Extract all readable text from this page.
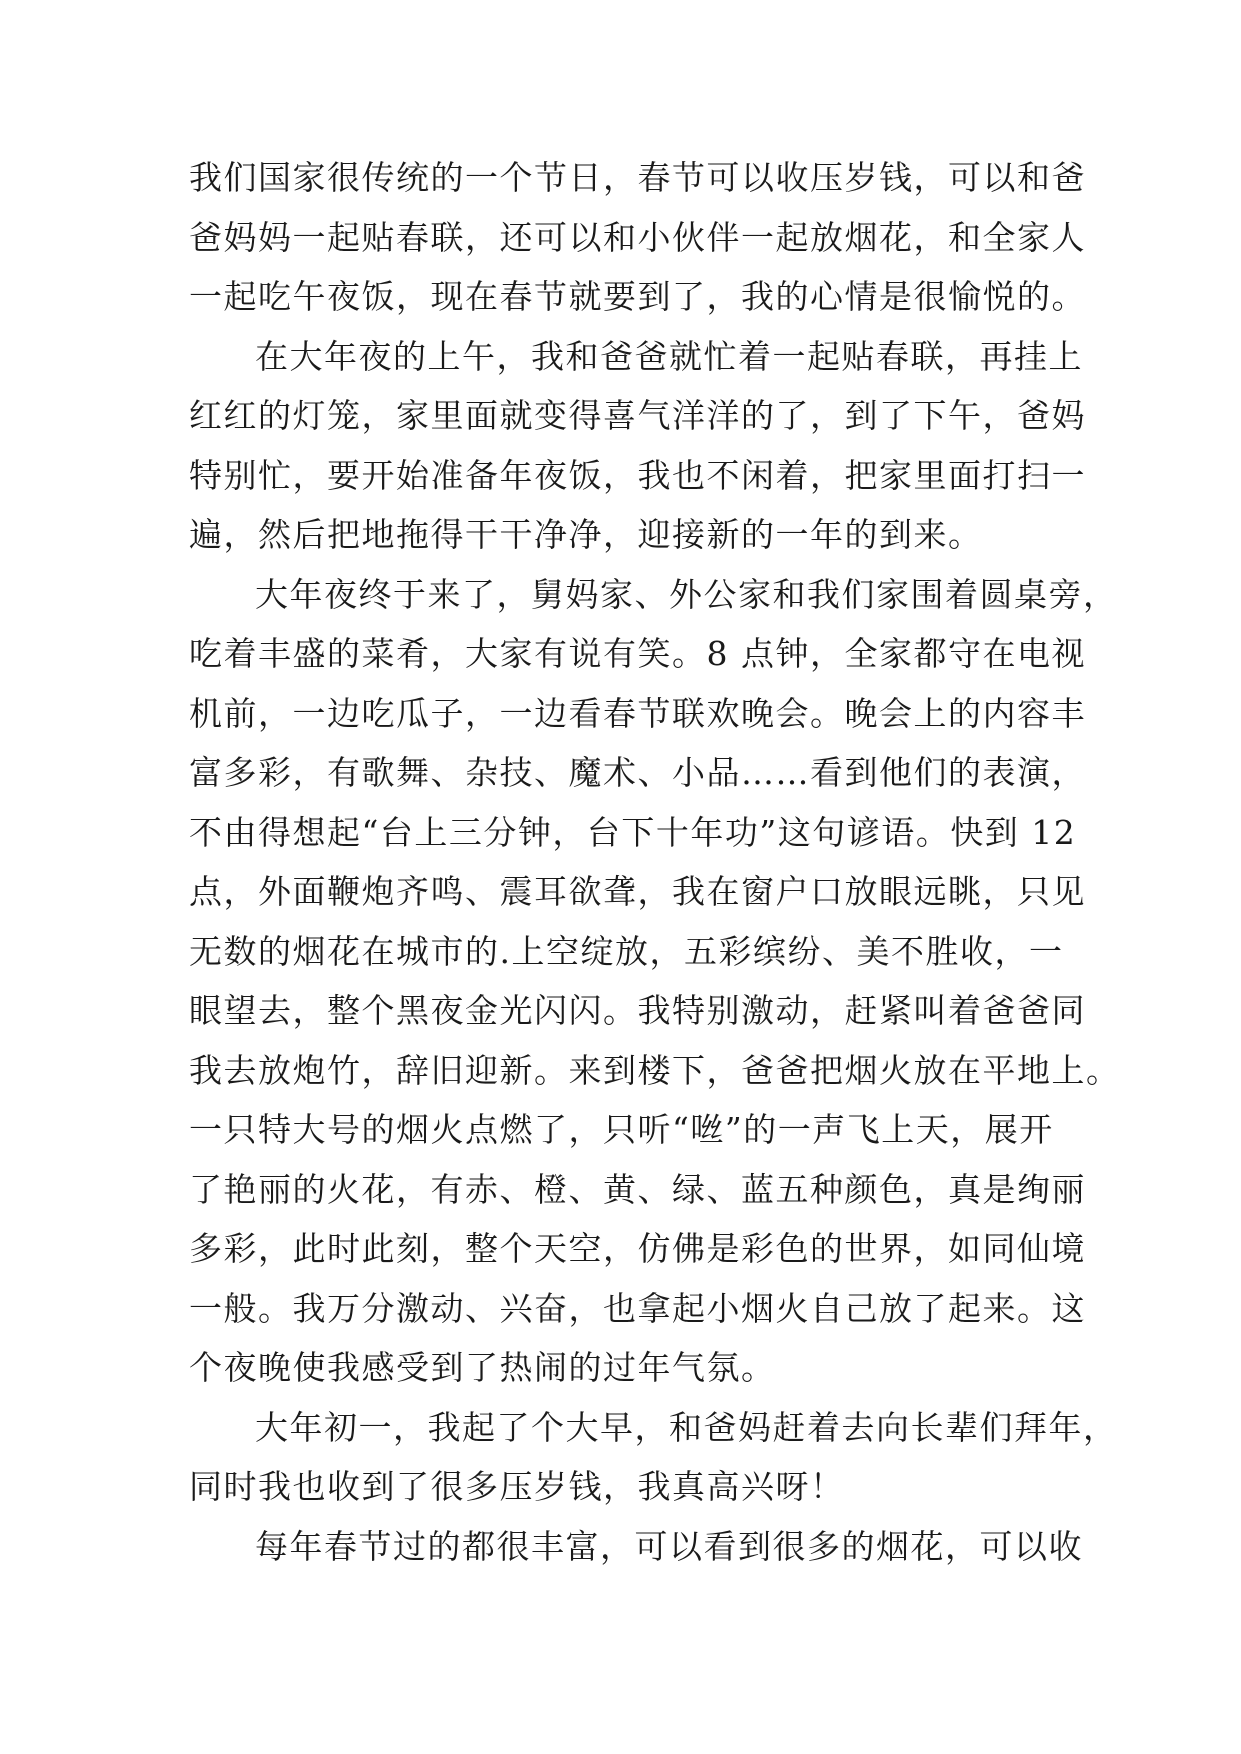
我们国家很传统的一个节日，春节可以收压岁钱，可以和爸
爸妈妈一起贴春联，还可以和小伙伴一起放烟花，和全家人
一起吃午夜饭，现在春节就要到了，我的心情是很愉悦的。
在大年夜的上午，我和爸爸就忙着一起贴春联，再挂上
红红的灯笼，家里面就变得喜气洋洋的了，到了下午，爸妈
特别忙，要开始准备年夜饭，我也不闲着，把家里面打扫一
遍，然后把地拖得干干净净，迎接新的一年的到来。
大年夜终于来了，舅妈家、外公家和我们家围着圆桌旁，
吃着丰盛的菜肴，大家有说有笑。8 点钟，全家都守在电视
机前，一边吃瓜子，一边看春节联欢晚会。晚会上的内容丰
富多彩，有歌舞、杂技、魔术、小品……看到他们的表演，
不由得想起“台上三分钟，台下十年功”这句谚语。快到 12
点，外面鞭炮齐鸣、震耳欲聋，我在窗户口放眼远眺，只见
无数的烟花在城市的.上空绽放，五彩缤纷、美不胜收，一
眼望去，整个黑夜金光闪闪。我特别激动，赶紧叫着爸爸同
我去放炮竹，辞旧迎新。来到楼下，爸爸把烟火放在平地上。
一只特大号的烟火点燃了，只听“咝”的一声飞上天，展开
了艳丽的火花，有赤、橙、黄、绿、蓝五种颜色，真是绚丽
多彩，此时此刻，整个天空，仿佛是彩色的世界，如同仙境
一般。我万分激动、兴奋，也拿起小烟火自己放了起来。这
个夜晚使我感受到了热闹的过年气氛。
大年初一，我起了个大早，和爸妈赶着去向长辈们拜年，
同时我也收到了很多压岁钱，我真高兴呀！
每年春节过的都很丰富，可以看到很多的烟花，可以收
